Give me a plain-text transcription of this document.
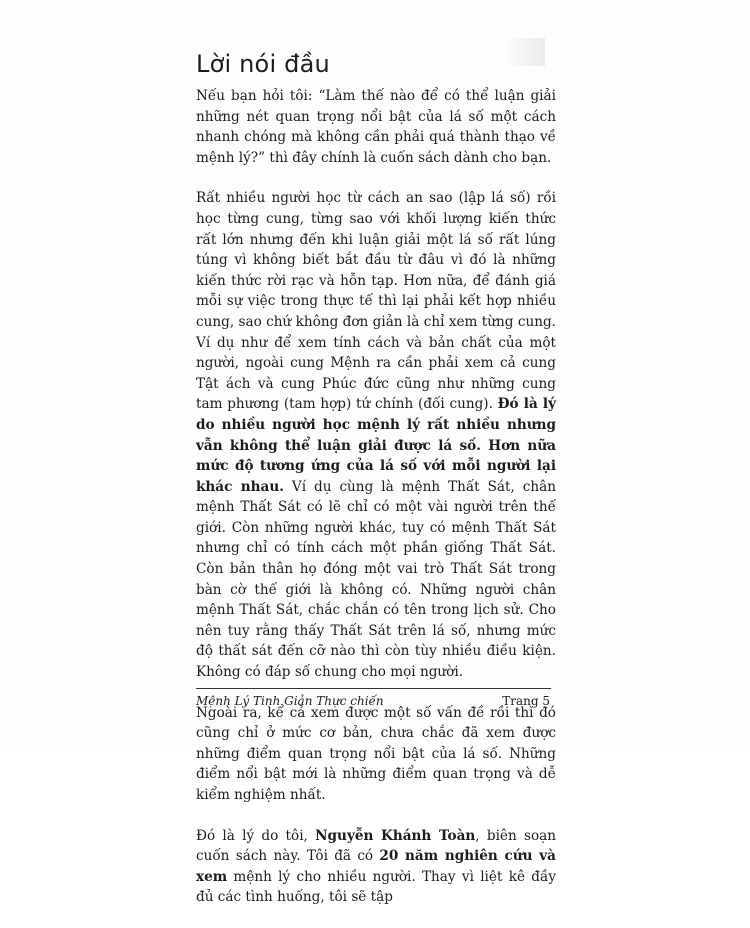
Lời nói đầu

Nếu bạn hỏi tôi: “Làm thế nào để có thể luận giải những nét quan trọng nổi bật của lá số một cách nhanh chóng mà không cần phải quá thành thạo về mệnh lý?” thì đây chính là cuốn sách dành cho bạn.

Rất nhiều người học từ cách an sao (lập lá số) rồi học từng cung, từng sao với khối lượng kiến thức rất lớn nhưng đến khi luận giải một lá số rất lúng túng vì không biết bắt đầu từ đâu vì đó là những kiến thức rời rạc và hỗn tạp. Hơn nữa, để đánh giá mỗi sự việc trong thực tế thì lại phải kết hợp nhiều cung, sao chứ không đơn giản là chỉ xem từng cung. Ví dụ như để xem tính cách và bản chất của một người, ngoài cung Mệnh ra cần phải xem cả cung Tật ách và cung Phúc đức cũng như những cung tam phương (tam hợp) tứ chính (đối cung). Đó là lý do nhiều người học mệnh lý rất nhiều nhưng vẫn không thể luận giải được lá số. Hơn nữa mức độ tương ứng của lá số với mỗi người lại khác nhau. Ví dụ cùng là mệnh Thất Sát, chân mệnh Thất Sát có lẽ chỉ có một vài người trên thế giới. Còn những người khác, tuy có mệnh Thất Sát nhưng chỉ có tính cách một phần giống Thất Sát. Còn bản thân họ đóng một vai trò Thất Sát trong bàn cờ thế giới là không có. Những người chân mệnh Thất Sát, chắc chắn có tên trong lịch sử. Cho nên tuy rằng thấy Thất Sát trên lá số, nhưng mức độ thất sát đến cỡ nào thì còn tùy nhiều điều kiện. Không có đáp số chung cho mọi người.

Ngoài ra, kể cả xem được một số vấn đề rồi thì đó cũng chỉ ở mức cơ bản, chưa chắc đã xem được những điểm quan trọng nổi bật của lá số. Những điểm nổi bật mới là những điểm quan trọng và dễ kiểm nghiệm nhất.

Đó là lý do tôi, Nguyễn Khánh Toàn, biên soạn cuốn sách này. Tôi đã có 20 năm nghiên cứu và xem mệnh lý cho nhiều người. Thay vì liệt kê đầy đủ các tình huống, tôi sẽ tập

Mệnh Lý Tinh Giản Thực chiến	Trang 5
